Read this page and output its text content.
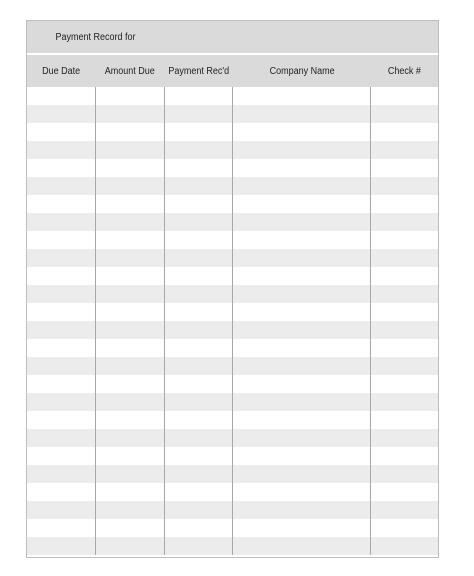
Payment Record for
Due Date Amount Due Payment Rec'd	Company Name	Check #
